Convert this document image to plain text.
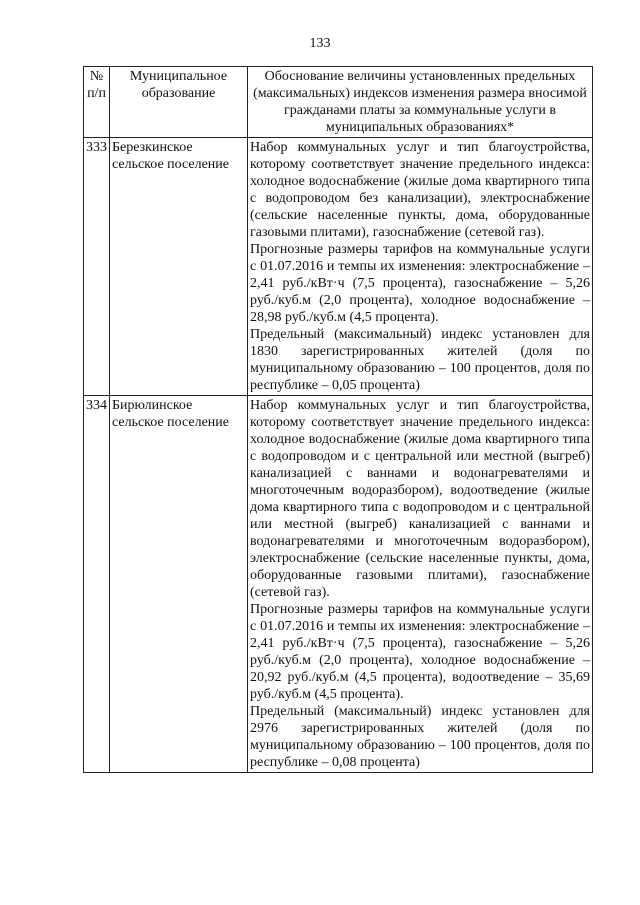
133
№ п/п	Муниципальное образование	Обоснование величины установленных предельных (максимальных) индексов изменения размера вносимой гражданами платы за коммунальные услуги в муниципальных образованиях*
333	Березкинское сельское поселение	Набор коммунальных услуг и тип благоустройства, которому соответствует значение предельного индекса: холодное водоснабжение (жилые дома квартирного типа с водопроводом без канализации), электроснабжение (сельские населенные пункты, дома, оборудованные газовыми плитами), газоснабжение (сетевой газ).

Прогнозные размеры тарифов на коммунальные услуги с 01.07.2016 и темпы их изменения: электроснабжение – 2,41 руб./кВт·ч (7,5 процента), газоснабжение – 5,26 руб./куб.м (2,0 процента), холодное водоснабжение – 28,98 руб./куб.м (4,5 процента).

Предельный (максимальный) индекс установлен для 1830 зарегистрированных жителей (доля по муниципальному образованию – 100 процентов, доля по республике – 0,05 процента)

334	Бирюлинское сельское поселение	Набор коммунальных услуг и тип благоустройства, которому соответствует значение предельного индекса: холодное водоснабжение (жилые дома квартирного типа с водопроводом и с центральной или местной (выгреб) канализацией с ваннами и водонагревателями и многоточечным водоразбором), водоотведение (жилые дома квартирного типа с водопроводом и с центральной или местной (выгреб) канализацией с ваннами и водонагревателями и многоточечным водоразбором), электроснабжение (сельские населенные пункты, дома, оборудованные газовыми плитами), газоснабжение (сетевой газ).

Прогнозные размеры тарифов на коммунальные услуги с 01.07.2016 и темпы их изменения: электроснабжение – 2,41 руб./кВт·ч (7,5 процента), газоснабжение – 5,26 руб./куб.м (2,0 процента), холодное водоснабжение – 20,92 руб./куб.м (4,5 процента), водоотведение – 35,69 руб./куб.м (4,5 процента).

Предельный (максимальный) индекс установлен для 2976 зарегистрированных жителей (доля по муниципальному образованию – 100 процентов, доля по республике – 0,08 процента)
